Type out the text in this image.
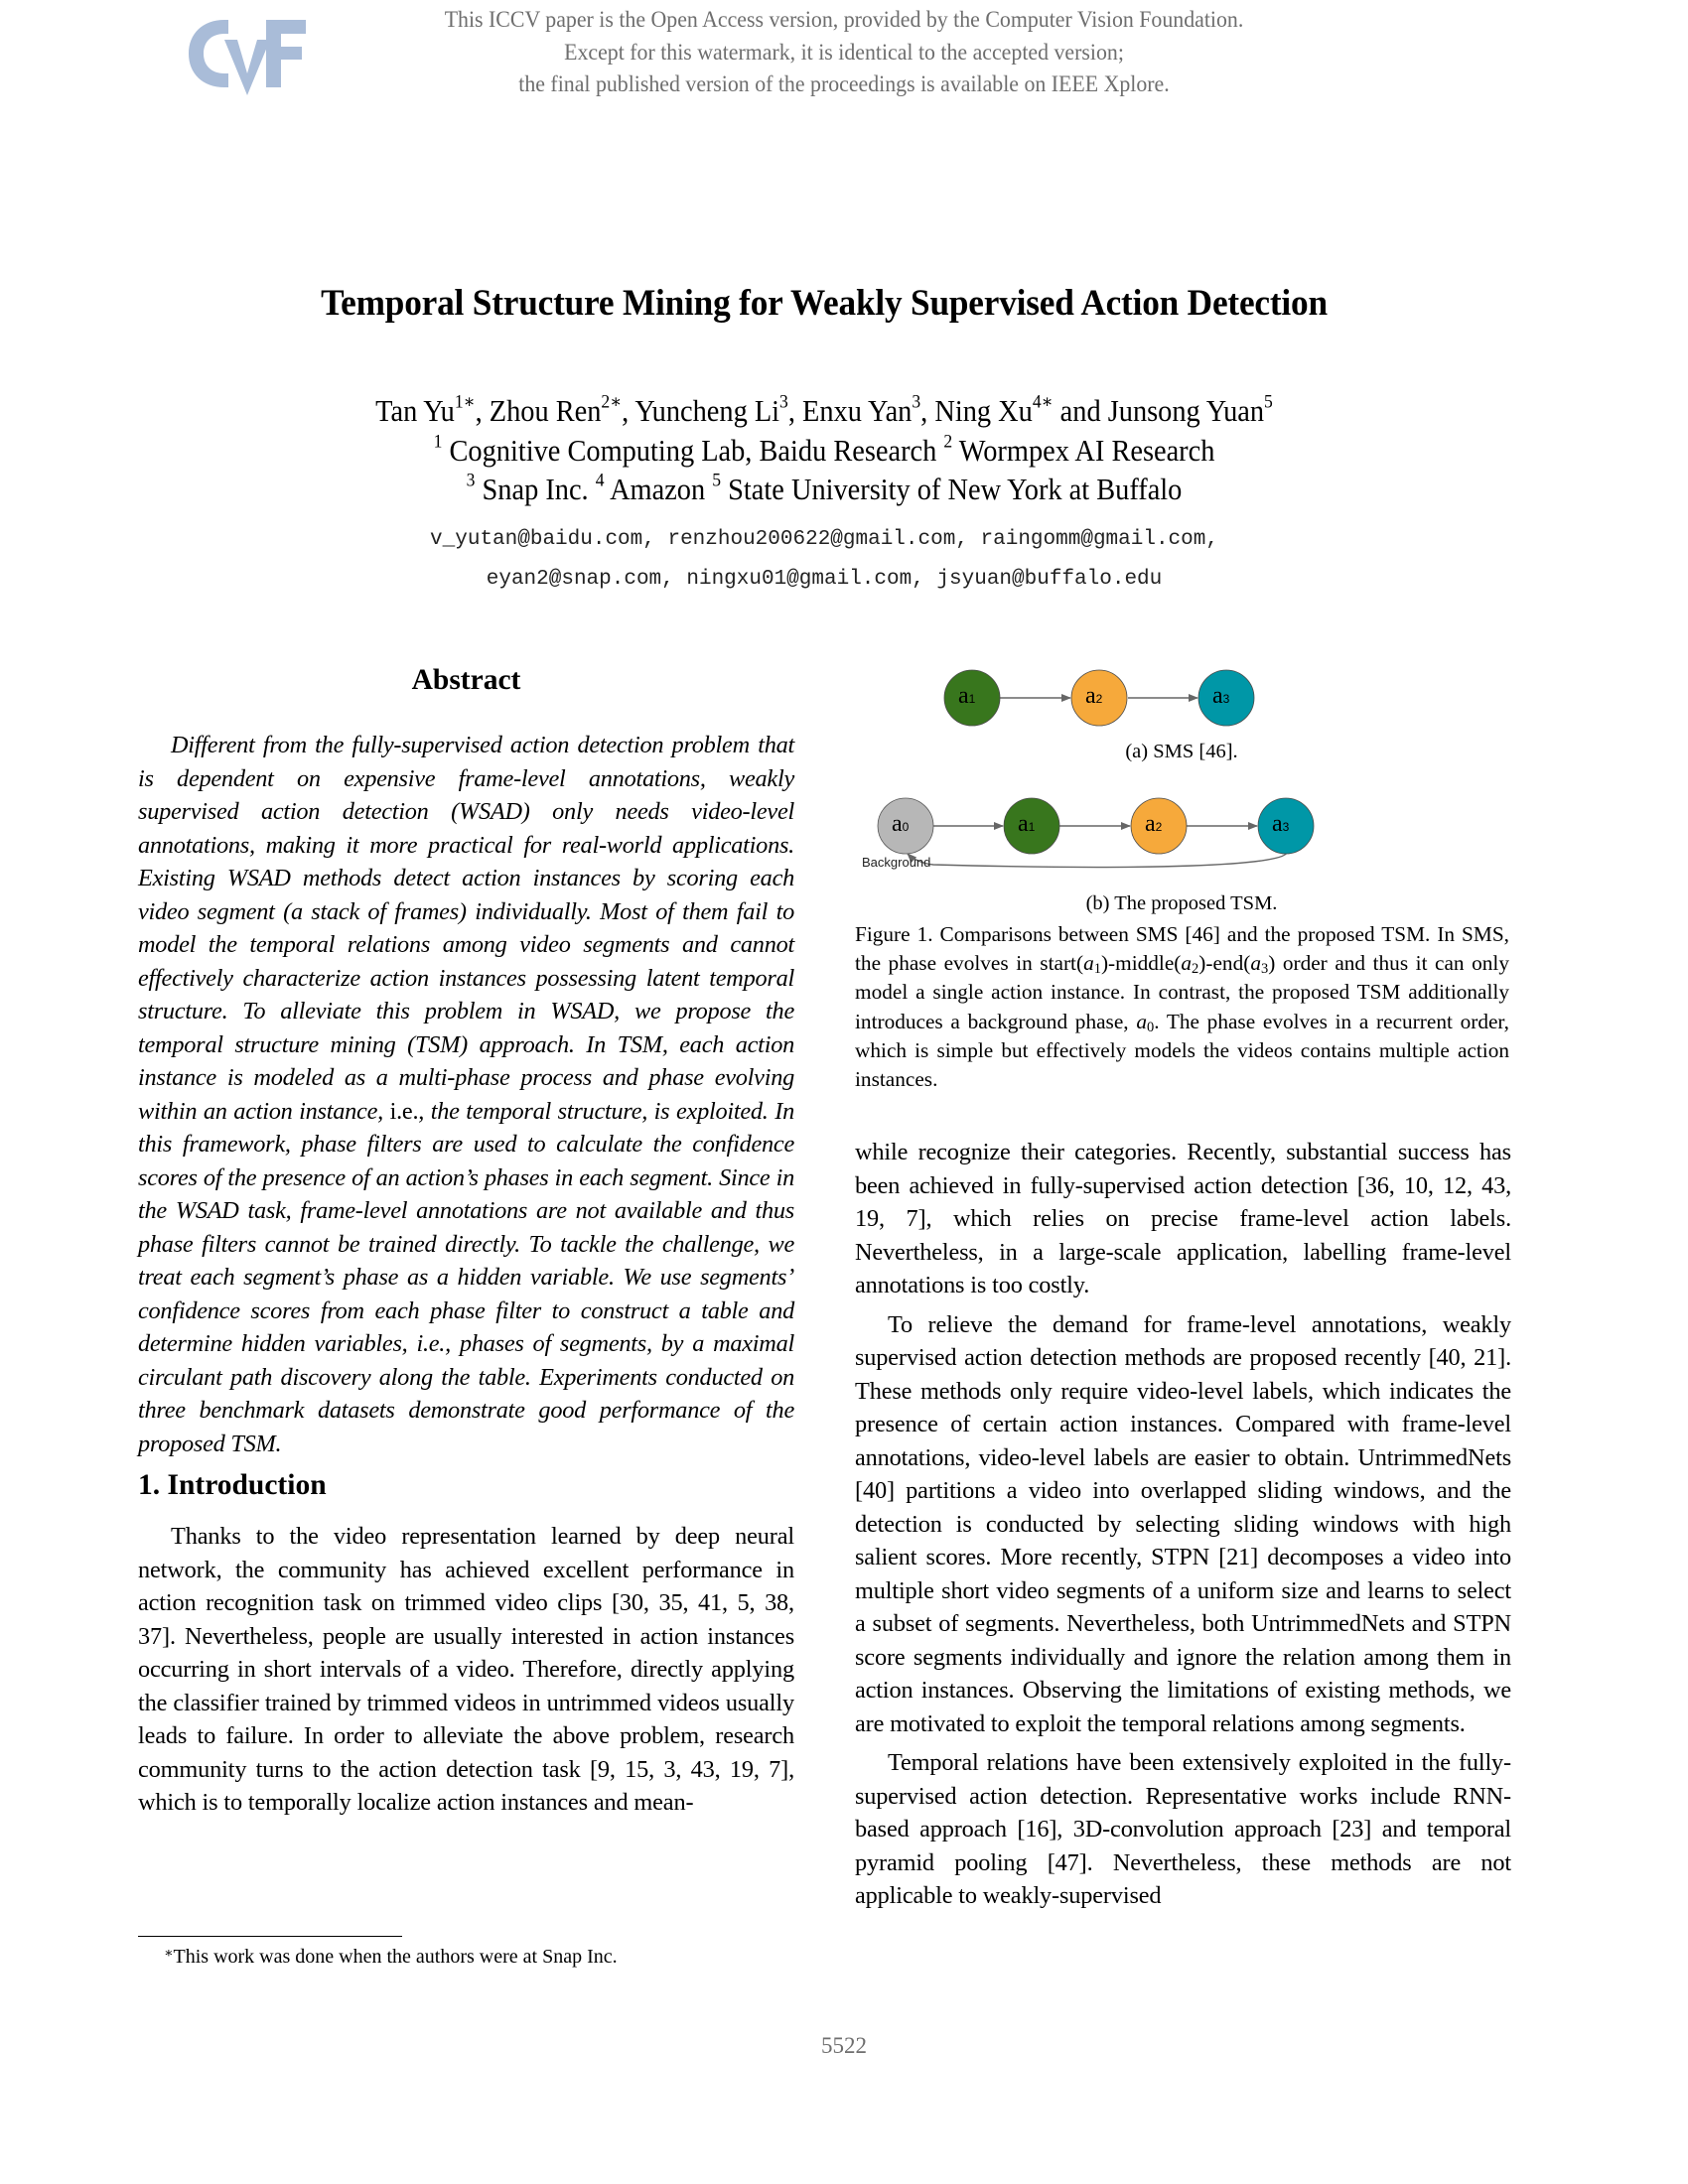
This ICCV paper is the Open Access version, provided by the Computer Vision Foundation.
Except for this watermark, it is identical to the accepted version;
the final published version of the proceedings is available on IEEE Xplore.
Temporal Structure Mining for Weakly Supervised Action Detection
Tan $Yu^{1∗}$, Zhou Ren$^{2∗}$, Yuncheng Li$^3$, Enxu Yan$^3$, Ning $Xu^{4∗}$ and Junsong Yuan$^5$
$^1$ Cognitive Computing Lab, Baidu Research $^2$ Wormpex AI Research
$^3$ Snap Inc. $^4$ Amazon $^5$ State University of New York at Buffalo
v_yutan@baidu.com, renzhou200622@gmail.com, raingomm@gmail.com,
eyan2@snap.com, ningxu01@gmail.com, jsyuan@buffalo.edu
Abstract

Different from the fully-supervised action detection problem that is dependent on expensive frame-level annotations, weakly supervised action detection (WSAD) only needs video-level annotations, making it more practical for real-world applications. Existing WSAD methods detect action instances by scoring each video segment (a stack of frames) individually. Most of them fail to model the temporal relations among video segments and cannot effectively characterize action instances possessing latent temporal structure. To alleviate this problem in WSAD, we propose the temporal structure mining (TSM) approach. In TSM, each action instance is modeled as a multi-phase process and phase evolving within an action instance, i.e., the temporal structure, is exploited. In this framework, phase filters are used to calculate the confidence scores of the presence of an action’s phases in each segment. Since in the WSAD task, frame-level annotations are not available and thus phase filters cannot be trained directly. To tackle the challenge, we treat each segment’s phase as a hidden variable. We use segments’ confidence scores from each phase filter to construct a table and determine hidden variables, i.e., phases of segments, by a maximal circulant path discovery along the table. Experiments conducted on three benchmark datasets demonstrate good performance of the proposed TSM.

1. Introduction

Thanks to the video representation learned by deep neural network, the community has achieved excellent performance in action recognition task on trimmed video clips [30, 35, 41, 5, 38, 37]. Nevertheless, people are usually interested in action instances occurring in short intervals of a video. Therefore, directly applying the classifier trained by trimmed videos in untrimmed videos usually leads to failure. In order to alleviate the above problem, research community turns to the action detection task [9, 15, 3, 43, 19, 7], which is to temporally localize action instances and mean-

∗This work was done when the authors were at Snap Inc.
a1	a2	a3
(a) SMS [46].
a0	a1	a2	a3
Background
(b) The proposed TSM.
Figure 1. Comparisons between SMS [46] and the proposed TSM. In SMS, the phase evolves in $start(a_1)-middle(a_2)-end(a_3)$ order and thus it can only model a single action instance. In contrast, the proposed TSM additionally introduces a background phase, $a_0$. The phase evolves in a recurrent order, which is simple but effectively models the videos contains multiple action instances.

while recognize their categories. Recently, substantial success has been achieved in fully-supervised action detection [36, 10, 12, 43, 19, 7], which relies on precise frame-level action labels. Nevertheless, in a large-scale application, labelling frame-level annotations is too costly.

To relieve the demand for frame-level annotations, weakly supervised action detection methods are proposed recently [40, 21]. These methods only require video-level labels, which indicates the presence of certain action instances. Compared with frame-level annotations, video-level labels are easier to obtain. UntrimmedNets [40] partitions a video into overlapped sliding windows, and the detection is conducted by selecting sliding windows with high salient scores. More recently, STPN [21] decomposes a video into multiple short video segments of a uniform size and learns to select a subset of segments. Nevertheless, both UntrimmedNets and STPN score segments individually and ignore the relation among them in action instances. Observing the limitations of existing methods, we are motivated to exploit the temporal relations among segments.

Temporal relations have been extensively exploited in the fully-supervised action detection. Representative works include RNN-based approach [16], 3D-convolution approach [23] and temporal pyramid pooling [47]. Nevertheless, these methods are not applicable to weakly-supervised

5522
